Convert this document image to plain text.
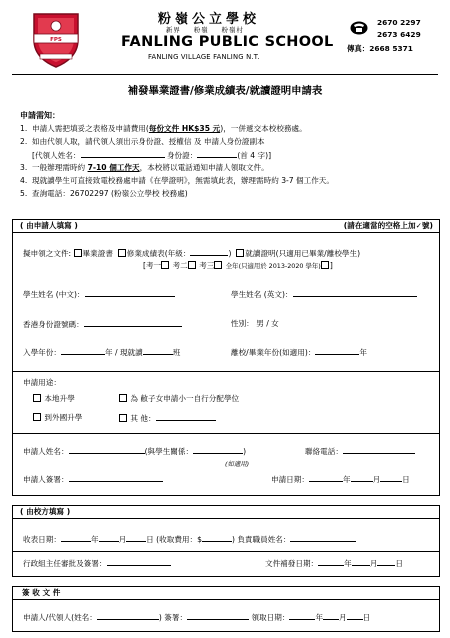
FPS
粉嶺公立學校
新界 粉嶺 粉嶺村
FANLING PUBLIC SCHOOL
FANLING VILLAGE FANLING N.T.
2670 2297
2673 6429
傳真：2668 5371
補發畢業證書/修業成績表/就讀證明申請表
申請需知：
1. 申請人需把填妥之表格及申請費用(每份文件 HK$35 元)，一併遞交本校校務處。
2. 如由代領人取，請代領人須出示身份證、授權信 及 申請人身份證副本
[代領人姓名：	身份證：	(首 4 字)]
3. 一般辦理需時約 7-10 個工作天，本校將以電話通知申請人領取文件。
4. 現就讀學生可直接致電校務處申請《在學證明》，無需填此表，辦理需時約 3-7 個工作天。
5. 查詢電話：26702297 (粉嶺公立學校 校務處)
( 由申請人填寫 )	(請在適當的空格上加✓號)
擬申領之文件: 畢業證書 修業成績表(年級：	) 就讀證明(只適用已畢業/離校學生)
[考一 考二 考三 全年(只適用於 2013-2020 學年) ]
學生姓名 (中文)：	學生姓名 (英文)：
香港身份證號碼：	性別： 男 / 女
入學年份：	年 / 現就讀	班	離校/畢業年份(如適用)：	年
申請用途：
本地升學	為 敝子女申請小一自行分配學位
到外國升學	其 他：
申請人姓名：	(與學生關係：	)	聯絡電話：
(如適用)
申請人簽署：	申請日期：	年	月	日
( 由校方填寫 )
收表日期：	年	月	日 (收取費用：$	) 負責職員姓名：
行政組主任審批及簽署：	文件補發日期：	年 月 日
簽 收 文 件
申請人/代領人(姓名：	) 簽署：	領取日期：	年 月 日
